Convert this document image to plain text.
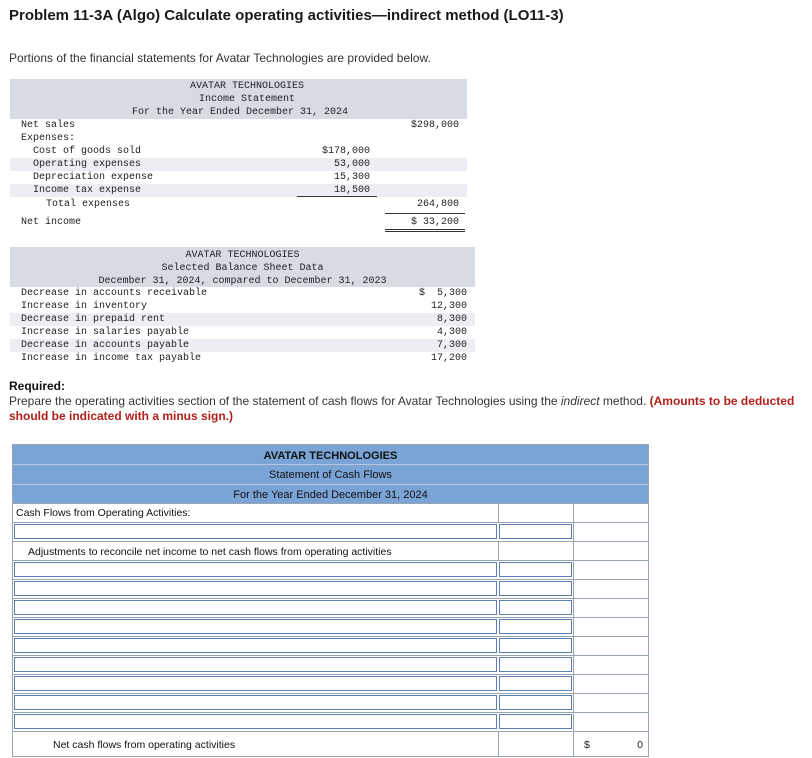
Problem 11-3A (Algo) Calculate operating activities—indirect method (LO11-3)
Portions of the financial statements for Avatar Technologies are provided below.
AVATAR TECHNOLOGIES
Income Statement
For the Year Ended December 31, 2024
Net sales	$298,000
Expenses:
Cost of goods sold	$178,000
Operating expenses	53,000
Depreciation expense	15,300
Income tax expense	18,500
Total expenses	264,800
Net income	$ 33,200
AVATAR TECHNOLOGIES
Selected Balance Sheet Data
December 31, 2024, compared to December 31, 2023
Decrease in accounts receivable	$  5,300
Increase in inventory	12,300
Decrease in prepaid rent	8,300
Increase in salaries payable	4,300
Decrease in accounts payable	7,300
Increase in income tax payable	17,200
Required:
Prepare the operating activities section of the statement of cash flows for Avatar Technologies using the indirect method. (Amounts to be deducted should be indicated with a minus sign.)
AVATAR TECHNOLOGIES
Statement of Cash Flows
For the Year Ended December 31, 2024
Cash Flows from Operating Activities:
Adjustments to reconcile net income to net cash flows from operating activities
Net cash flows from operating activities	$	0
